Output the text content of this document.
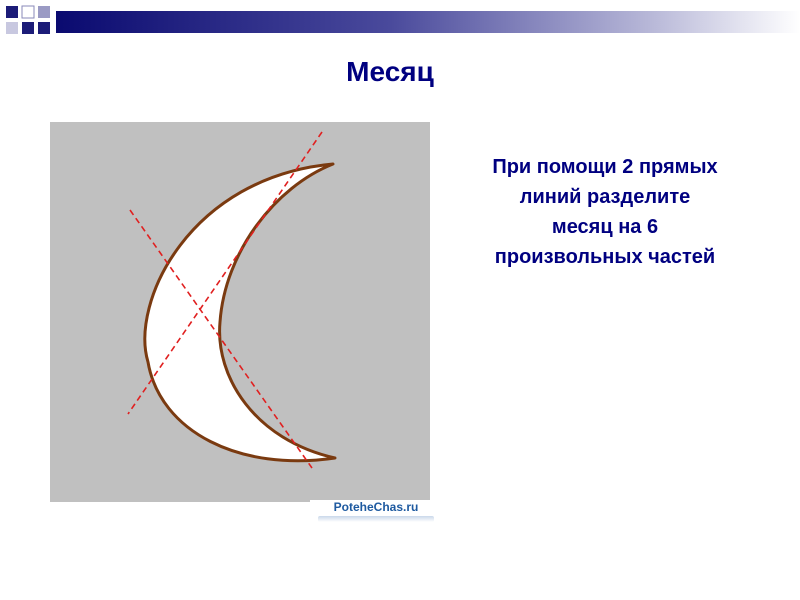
Месяц
PoteheChas.ru
При помощи 2 прямых
линий разделите
месяц на 6
произвольных частей
